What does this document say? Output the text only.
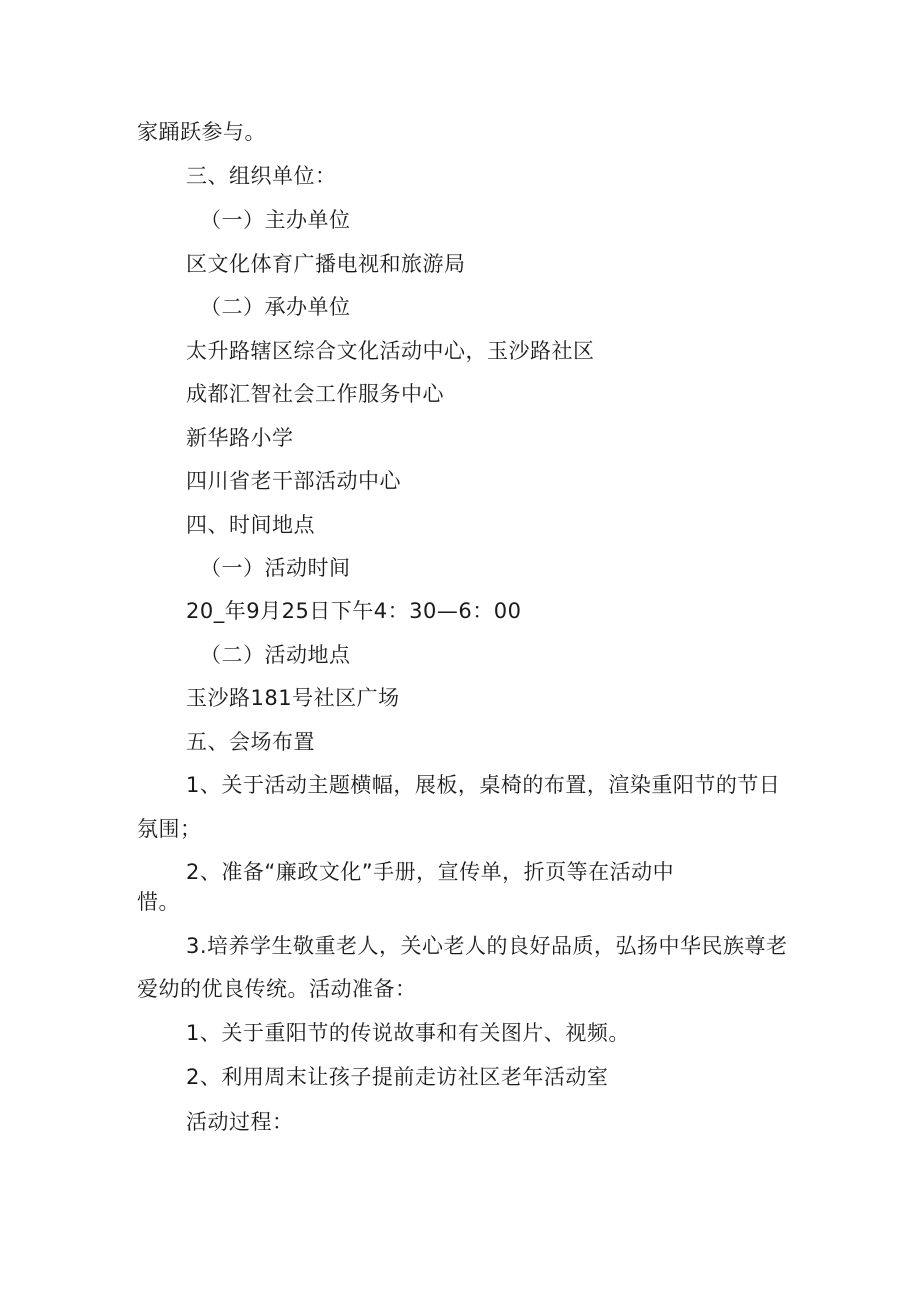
家踊跃参与。
三、组织单位：
（一）主办单位
区文化体育广播电视和旅游局
（二）承办单位
太升路辖区综合文化活动中心，玉沙路社区
成都汇智社会工作服务中心
新华路小学
四川省老干部活动中心
四、时间地点
（一）活动时间
20_年9月25日下午4：30—6：00
（二）活动地点
玉沙路181号社区广场
五、会场布置
1、关于活动主题横幅，展板，桌椅的布置，渲染重阳节的节日
氛围；
2、准备“廉政文化”手册，宣传单，折页等在活动中
惜。
3.培养学生敬重老人，关心老人的良好品质，弘扬中华民族尊老
爱幼的优良传统。活动准备：
1、关于重阳节的传说故事和有关图片、视频。
2、利用周末让孩子提前走访社区老年活动室
活动过程：
